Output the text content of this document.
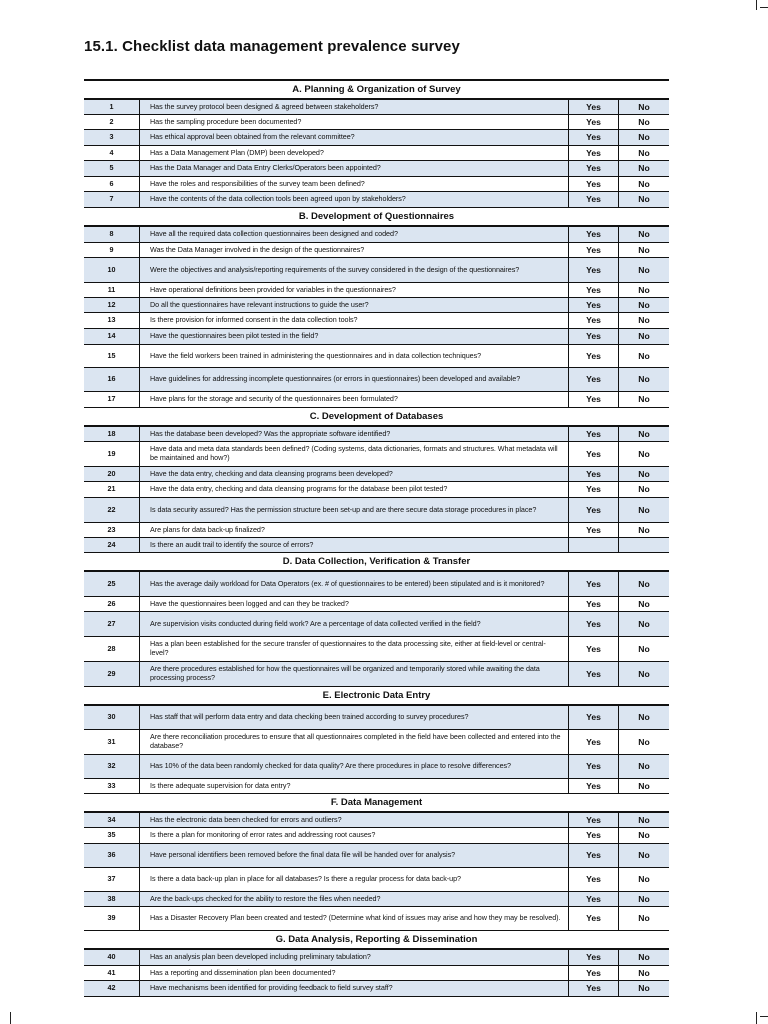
15.1. Checklist data management prevalence survey
A. Planning & Organization of Survey
1	Has the survey protocol been designed & agreed between stakeholders?	Yes	No
2	Has the sampling procedure been documented?	Yes	No
3	Has ethical approval been obtained from the relevant committee?	Yes	No
4	Has a Data Management Plan (DMP) been developed?	Yes	No
5	Has the Data Manager and Data Entry Clerks/Operators been appointed?	Yes	No
6	Have the roles and responsibilities of the survey team been defined?	Yes	No
7	Have the contents of the data collection tools been agreed upon by stakeholders?	Yes	No
B. Development of Questionnaires
8	Have all the required data collection questionnaires been designed and coded?	Yes	No
9	Was the Data Manager involved in the design of the questionnaires?	Yes	No
10	Were the objectives and analysis/reporting requirements of the survey considered in the design of the questionnaires?	Yes	No
11	Have operational definitions been provided for variables in the questionnaires?	Yes	No
12	Do all the questionnaires have relevant instructions to guide the user?	Yes	No
13	Is there provision for informed consent in the data collection tools?	Yes	No
14	Have the questionnaires been pilot tested in the field?	Yes	No
15	Have the field workers been trained in administering the questionnaires and in data collection techniques?	Yes	No
16	Have guidelines for addressing incomplete questionnaires (or errors in questionnaires) been developed and available?	Yes	No
17	Have plans for the storage and security of the questionnaires been formulated?	Yes	No
C. Development of Databases
18	Has the database been developed? Was the appropriate software identified?	Yes	No
19	Have data and meta data standards been defined? (Coding systems, data dictionaries, formats and structures. What metadata will be maintained and how?)	Yes	No
20	Have the data entry, checking and data cleansing programs been developed?	Yes	No
21	Have the data entry, checking and data cleansing programs for the database been pilot tested?	Yes	No
22	Is data security assured? Has the permission structure been set-up and are there secure data storage procedures in place?	Yes	No
23	Are plans for data back-up finalized?	Yes	No
24	Is there an audit trail to identify the source of errors?
D. Data Collection, Verification & Transfer
25	Has the average daily workload for Data Operators (ex. # of questionnaires to be entered) been stipulated and is it monitored?	Yes	No
26	Have the questionnaires been logged and can they be tracked?	Yes	No
27	Are supervision visits conducted during field work? Are a percentage of data collected verified in the field?	Yes	No
28	Has a plan been established for the secure transfer of questionnaires to the data processing site, either at field-level or central-level?	Yes	No
29	Are there procedures established for how the questionnaires will be organized and temporarily stored while awaiting the data processing process?	Yes	No
E. Electronic Data Entry
30	Has staff that will perform data entry and data checking been trained according to survey procedures?	Yes	No
31	Are there reconciliation procedures to ensure that all questionnaires completed in the field have been collected and entered into the database?	Yes	No
32	Has 10% of the data been randomly checked for data quality? Are there procedures in place to resolve differences?	Yes	No
33	Is there adequate supervision for data entry?	Yes	No
F. Data Management
34	Has the electronic data been checked for errors and outliers?	Yes	No
35	Is there a plan for monitoring of error rates and addressing root causes?	Yes	No
36	Have personal identifiers been removed before the final data file will be handed over for analysis?	Yes	No
37	Is there a data back-up plan in place for all databases? Is there a regular process for data back-up?	Yes	No
38	Are the back-ups checked for the ability to restore the files when needed?	Yes	No
39	Has a Disaster Recovery Plan been created and tested? (Determine what kind of issues may arise and how they may be resolved).	Yes	No
G. Data Analysis, Reporting & Dissemination
40	Has an analysis plan been developed including preliminary tabulation?	Yes	No
41	Has a reporting and dissemination plan been documented?	Yes	No
42	Have mechanisms been identified for providing feedback to field survey staff?	Yes	No
